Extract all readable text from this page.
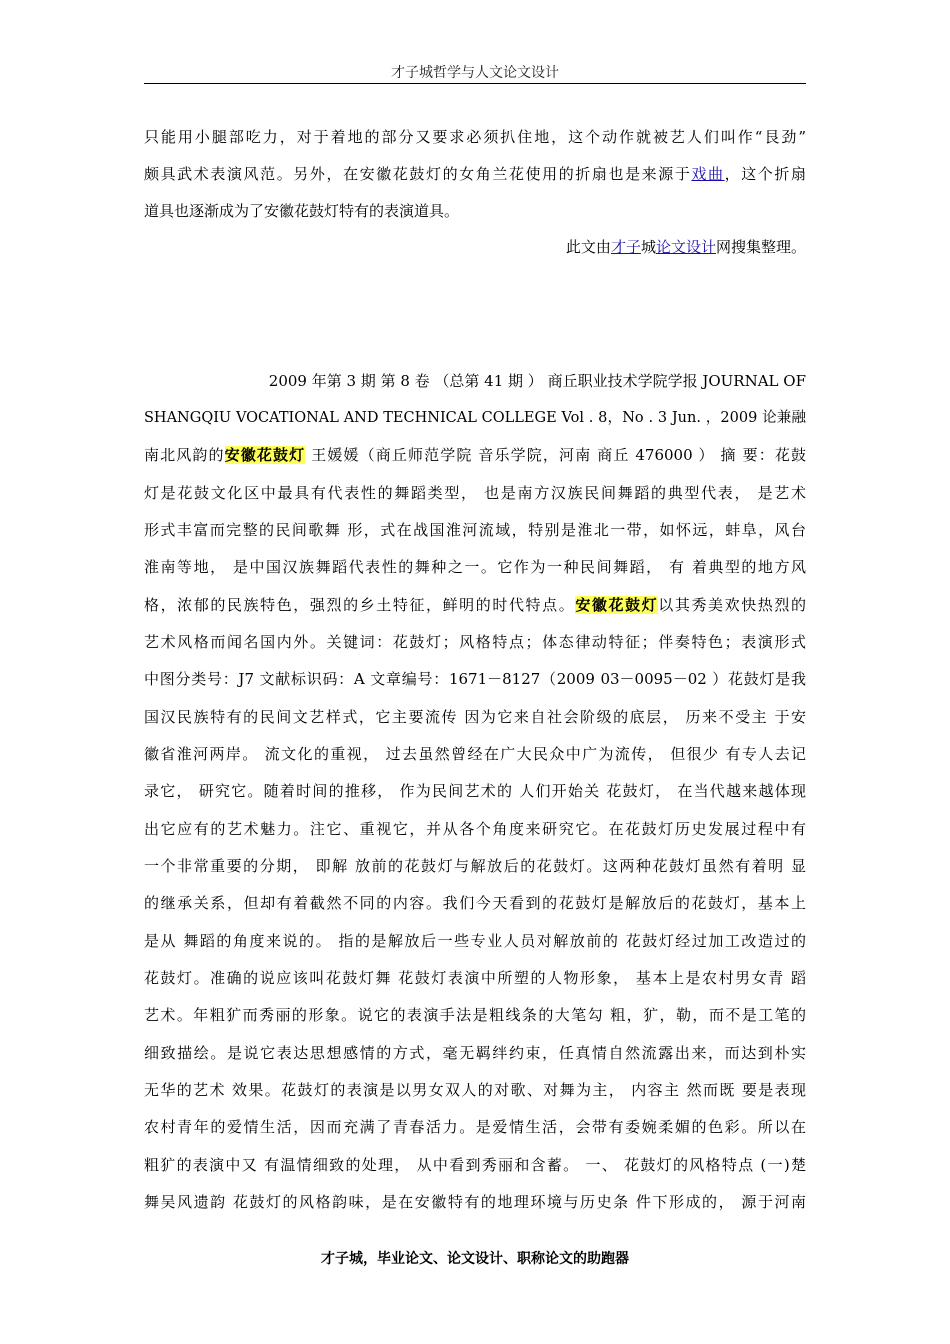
才子城哲学与人文论文设计
只能用小腿部吃力，对于着地的部分又要求必须扒住地，这个动作就被艺人们叫作“艮劲”
颇具武术表演风范。另外，在安徽花鼓灯的女角兰花使用的折扇也是来源于戏曲，这个折扇
道具也逐渐成为了安徽花鼓灯特有的表演道具。
此文由才子城论文设计网搜集整理。
2009 年第 3 期 第 8 卷 （总第 41 期 ） 商丘职业技术学院学报 JOURNAL OF
SHANGQIU VOCATIONAL AND TECHNICAL COLLEGE Vol . 8，No . 3 Jun. ，2009 论兼融
南北风韵的安徽花鼓灯 王媛媛（商丘师范学院 音乐学院，河南 商丘 476000 ） 摘 要：花鼓
灯是花鼓文化区中最具有代表性的舞蹈类型， 也是南方汉族民间舞蹈的典型代表， 是艺术
形式丰富而完整的民间歌舞 形，式在战国淮河流域，特别是淮北一带，如怀远，蚌阜，风台
淮南等地， 是中国汉族舞蹈代表性的舞种之一。它作为一种民间舞蹈， 有 着典型的地方风
格，浓郁的民族特色，强烈的乡土特征，鲜明的时代特点。安徽花鼓灯以其秀美欢快热烈的
艺术风格而闻名国内外。关键词：花鼓灯；风格特点；体态律动特征；伴奏特色；表演形式
中图分类号：J7 文献标识码：A 文章编号：1671－8127（2009 03－0095－02 ）花鼓灯是我
国汉民族特有的民间文艺样式，它主要流传 因为它来自社会阶级的底层， 历来不受主 于安
徽省淮河两岸。 流文化的重视， 过去虽然曾经在广大民众中广为流传， 但很少 有专人去记
录它， 研究它。随着时间的推移， 作为民间艺术的 人们开始关 花鼓灯， 在当代越来越体现
出它应有的艺术魅力。注它、重视它，并从各个角度来研究它。在花鼓灯历史发展过程中有
一个非常重要的分期， 即解 放前的花鼓灯与解放后的花鼓灯。这两种花鼓灯虽然有着明 显
的继承关系，但却有着截然不同的内容。我们今天看到的花鼓灯是解放后的花鼓灯，基本上
是从 舞蹈的角度来说的。 指的是解放后一些专业人员对解放前的 花鼓灯经过加工改造过的
花鼓灯。准确的说应该叫花鼓灯舞 花鼓灯表演中所塑的人物形象， 基本上是农村男女青 蹈
艺术。年粗犷而秀丽的形象。说它的表演手法是粗线条的大笔勾 粗，犷，勒，而不是工笔的
细致描绘。是说它表达思想感情的方式，毫无羁绊约束，任真情自然流露出来，而达到朴实
无华的艺术 效果。花鼓灯的表演是以男女双人的对歌、对舞为主， 内容主 然而既 要是表现
农村青年的爱情生活，因而充满了青春活力。是爱情生活，会带有委婉柔媚的色彩。所以在
粗犷的表演中又 有温情细致的处理， 从中看到秀丽和含蓄。 一、 花鼓灯的风格特点 (一)楚
舞吴风遗韵 花鼓灯的风格韵味，是在安徽特有的地理环境与历史条 件下形成的， 源于河南
才子城，毕业论文、论文设计、职称论文的助跑器
